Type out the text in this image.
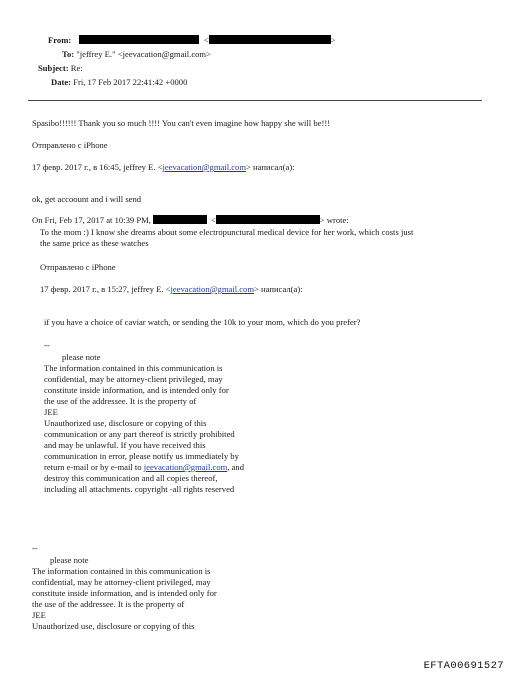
From:	<	>
To: "jeffrey E." <jeevacation@gmail.com>
Subject: Re:
Date: Fri, 17 Feb 2017 22:41:42 +0000
Spasibo!!!!!! Thank you so much !!!! You can't even imagine how happy she will be!!!
Отправлено с iPhone
17 февр. 2017 г., в 16:45, jeffrey E. <jeevacation@gmail.com> написал(а):
ok, get accoount and i will send
On Fri, Feb 17, 2017 at 10:39 PM,	<	> wrote:
To the mom :) I know she dreams about some electropunctural medical device for her work, which costs just
the same price as these watches
Отправлено с iPhone
17 февр. 2017 г., в 15:27, jeffrey E. <jeevacation@gmail.com> написал(а):
if you have a choice of caviar watch, or sending the 10k to your mom, which do you prefer?
--
please note
The information contained in this communication is
confidential, may be attorney-client privileged, may
constitute inside information, and is intended only for
the use of the addressee. It is the property of
JEE
Unauthorized use, disclosure or copying of this
communication or any part thereof is strictly prohibited
and may be unlawful. If you have received this
communication in error, please notify us immediately by
return e-mail or by e-mail to jeevacation@gmail.com, and
destroy this communication and all copies thereof,
including all attachments. copyright -all rights reserved
--
please note
The information contained in this communication is
confidential, may be attorney-client privileged, may
constitute inside information, and is intended only for
the use of the addressee. It is the property of
JEE
Unauthorized use, disclosure or copying of this
EFTA00691527
